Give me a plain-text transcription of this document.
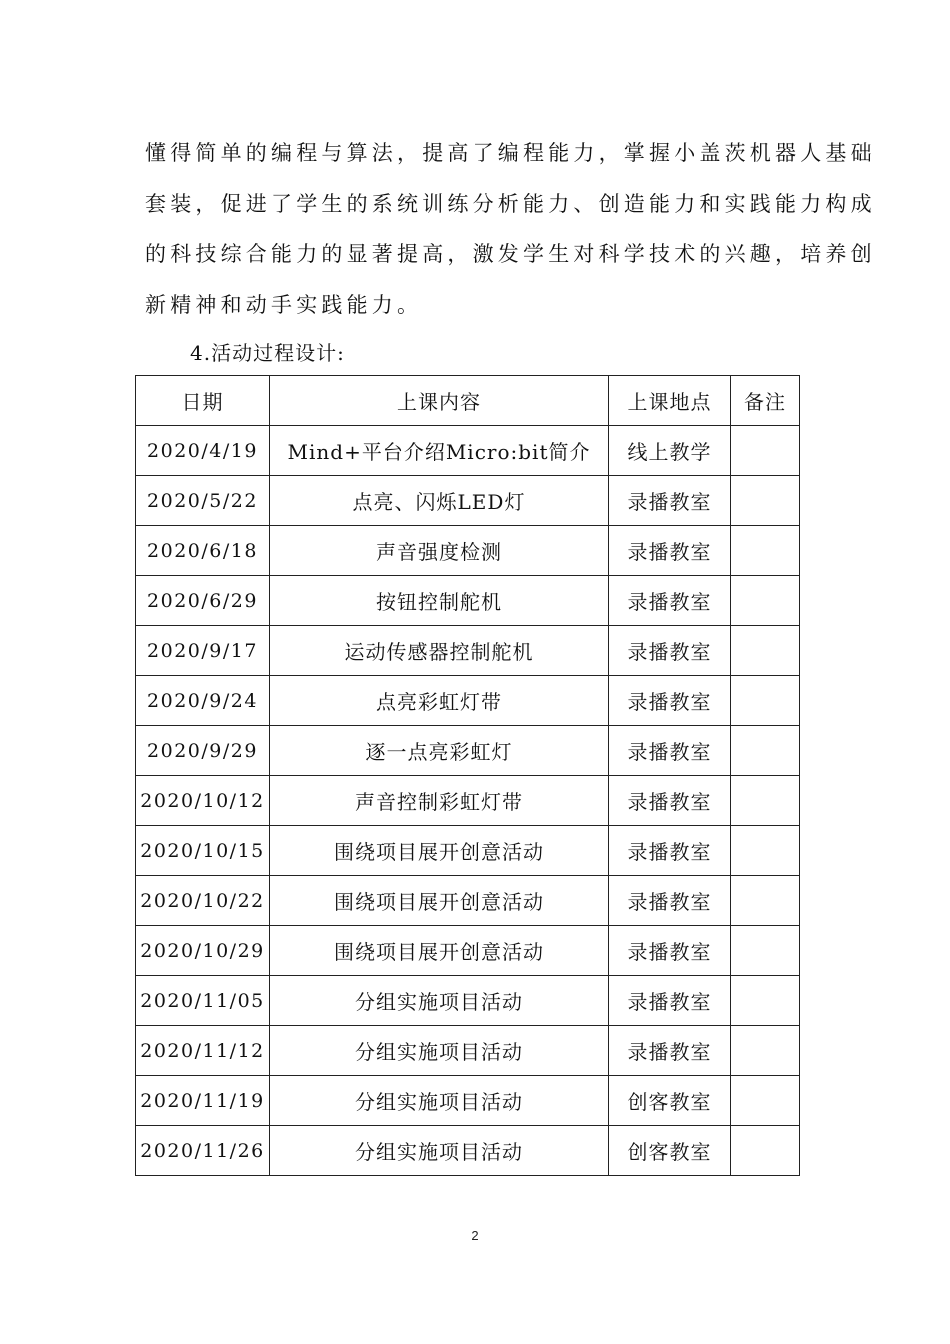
懂得简单的编程与算法，提高了编程能力，掌握小盖茨机器人基础
套装，促进了学生的系统训练分析能力、创造能力和实践能力构成
的科技综合能力的显著提高，激发学生对科学技术的兴趣，培养创
新精神和动手实践能力。
4.活动过程设计:
日期	上课内容	上课地点	备注
2020/4/19	Mind+平台介绍Micro:bit简介	线上教学	
2020/5/22	点亮、闪烁LED灯	录播教室	
2020/6/18	声音强度检测	录播教室	
2020/6/29	按钮控制舵机	录播教室	
2020/9/17	运动传感器控制舵机	录播教室	
2020/9/24	点亮彩虹灯带	录播教室	
2020/9/29	逐一点亮彩虹灯	录播教室	
2020/10/12	声音控制彩虹灯带	录播教室	
2020/10/15	围绕项目展开创意活动	录播教室	
2020/10/22	围绕项目展开创意活动	录播教室	
2020/10/29	围绕项目展开创意活动	录播教室	
2020/11/05	分组实施项目活动	录播教室	
2020/11/12	分组实施项目活动	录播教室	
2020/11/19	分组实施项目活动	创客教室	
2020/11/26	分组实施项目活动	创客教室	
2
